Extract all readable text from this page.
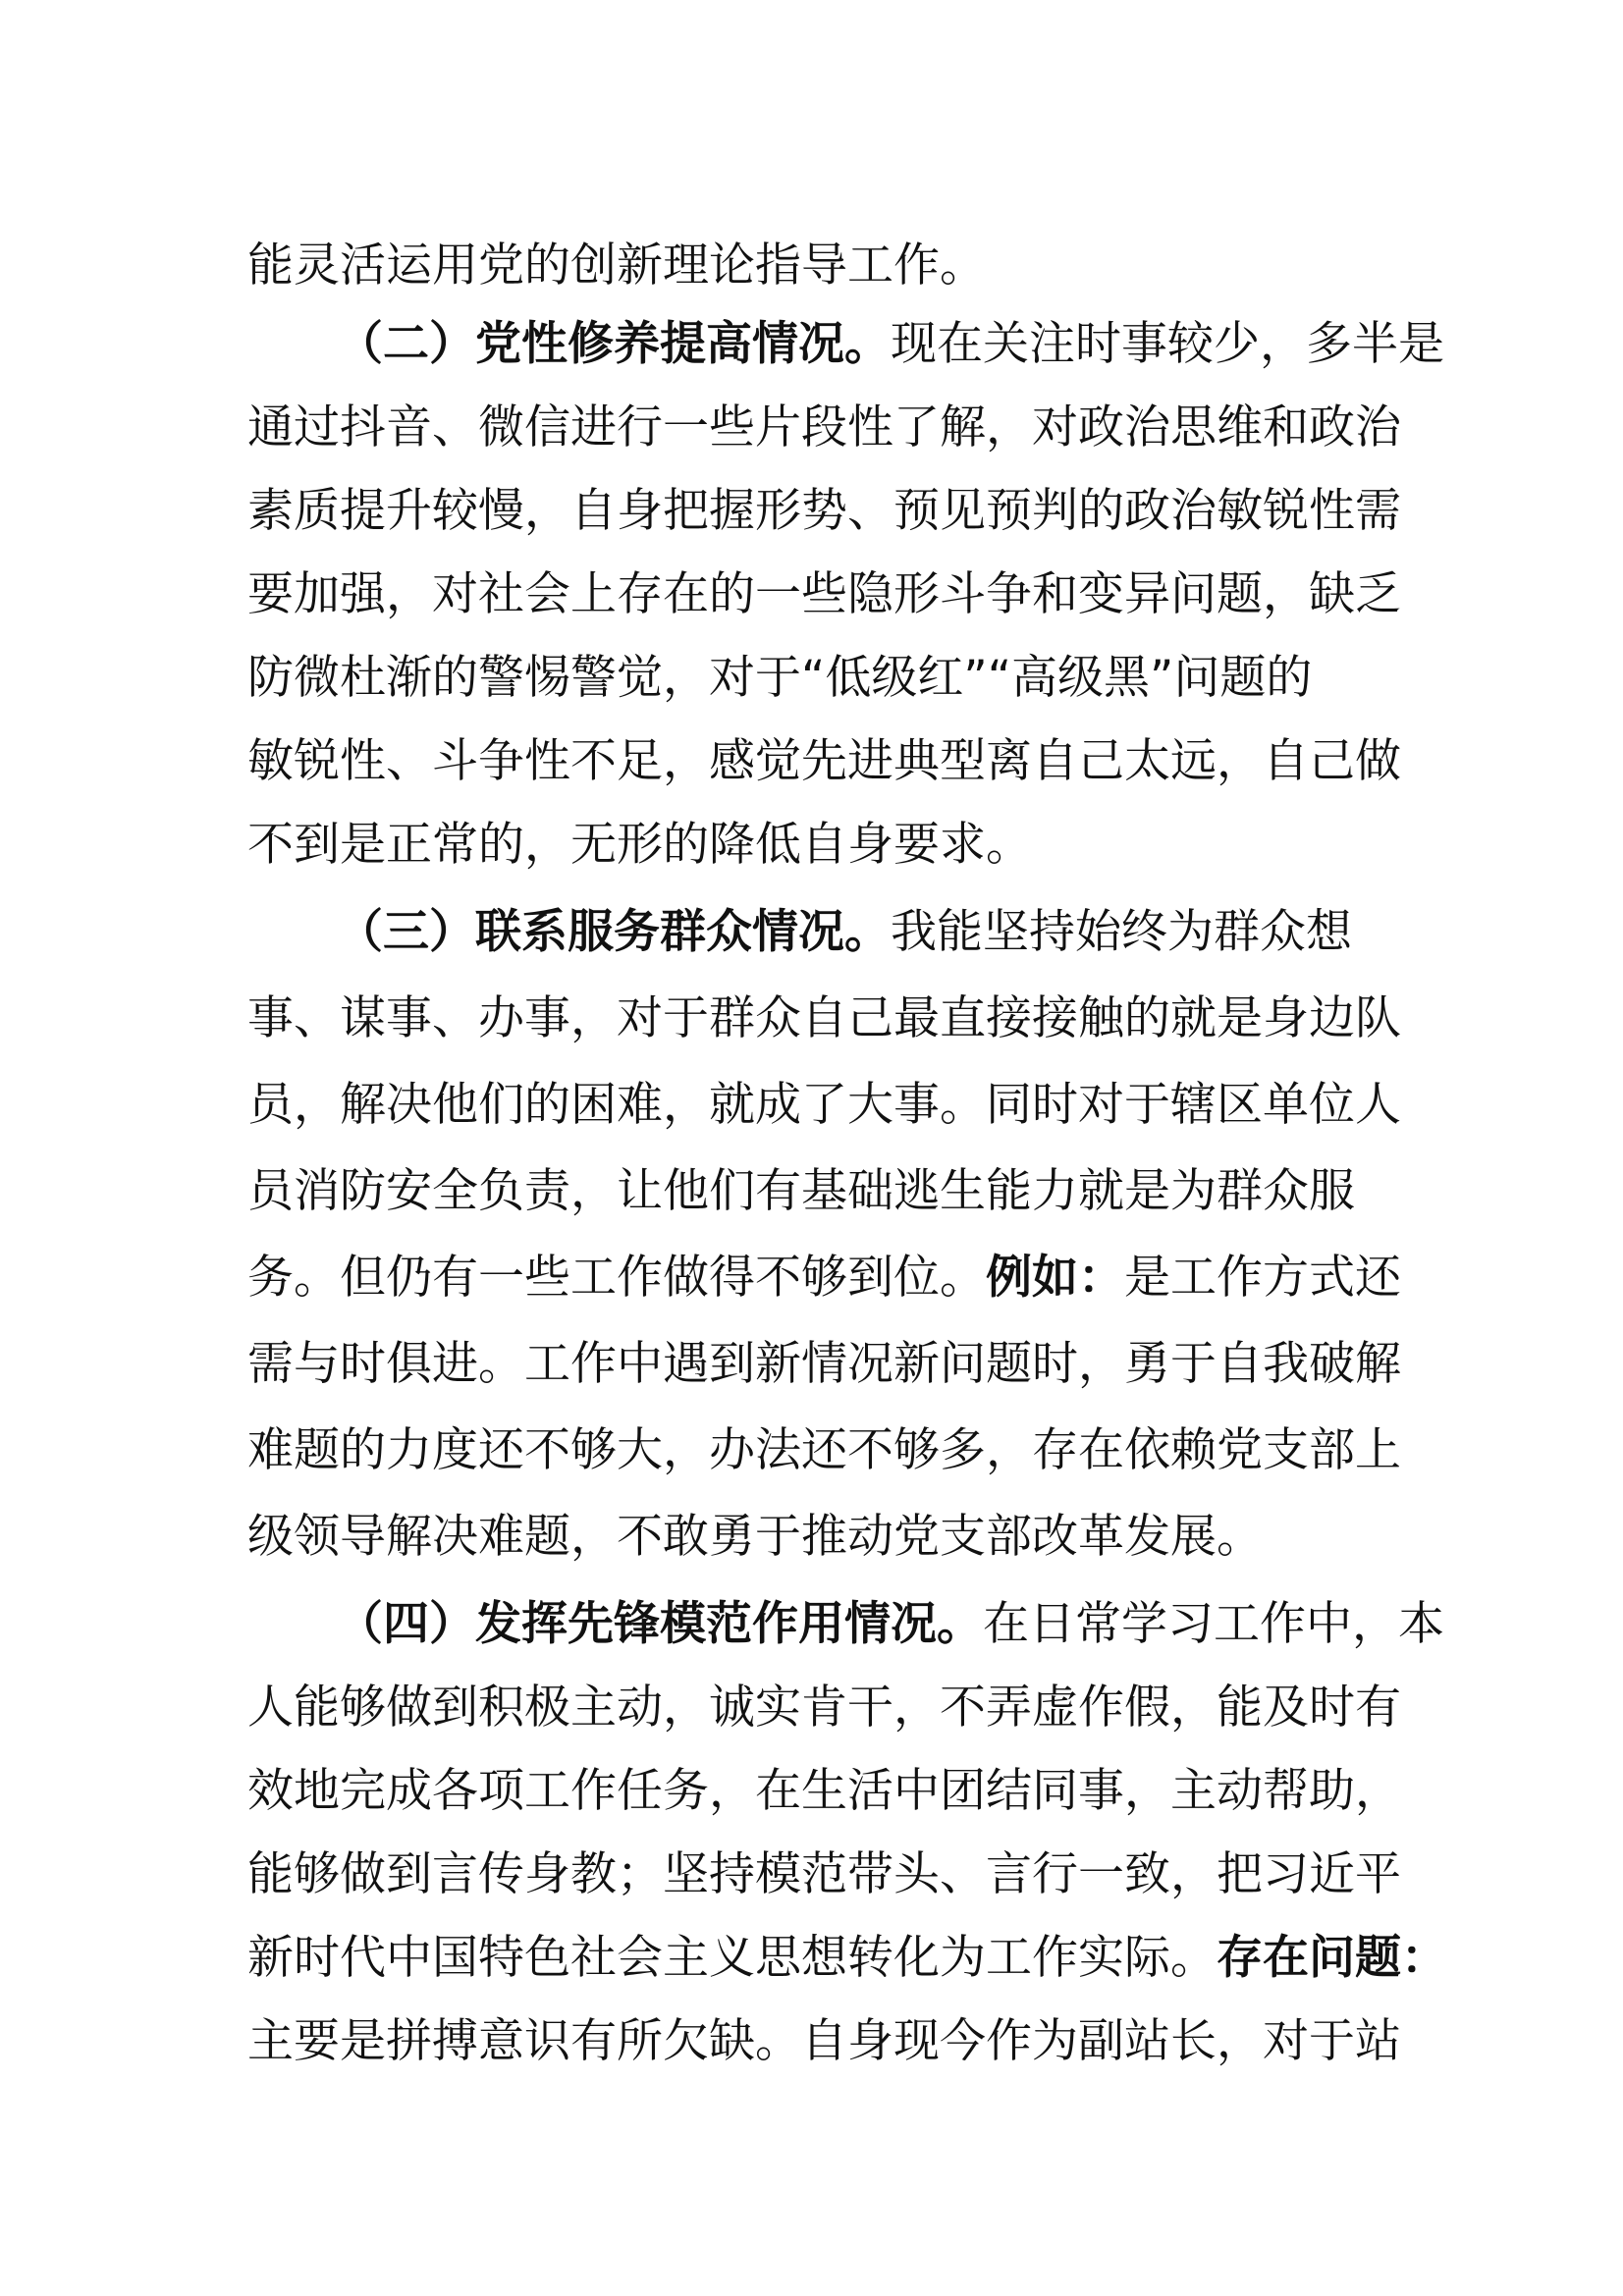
能灵活运用党的创新理论指导工作。
（二）党性修养提高情况。现在关注时事较少，多半是
通过抖音、微信进行一些片段性了解，对政治思维和政治
素质提升较慢，自身把握形势、预见预判的政治敏锐性需
要加强，对社会上存在的一些隐形斗争和变异问题，缺乏
防微杜渐的警惕警觉，对于“低级红”“高级黑”问题的
敏锐性、斗争性不足，感觉先进典型离自己太远，自己做
不到是正常的，无形的降低自身要求。
（三）联系服务群众情况。我能坚持始终为群众想
事、谋事、办事，对于群众自己最直接接触的就是身边队
员，解决他们的困难，就成了大事。同时对于辖区单位人
员消防安全负责，让他们有基础逃生能力就是为群众服
务。但仍有一些工作做得不够到位。例如：是工作方式还
需与时俱进。工作中遇到新情况新问题时，勇于自我破解
难题的力度还不够大，办法还不够多，存在依赖党支部上
级领导解决难题，不敢勇于推动党支部改革发展。
（四）发挥先锋模范作用情况。在日常学习工作中，本
人能够做到积极主动，诚实肯干，不弄虚作假，能及时有
效地完成各项工作任务，在生活中团结同事，主动帮助，
能够做到言传身教；坚持模范带头、言行一致，把习近平
新时代中国特色社会主义思想转化为工作实际。存在问题：
主要是拼搏意识有所欠缺。自身现今作为副站长，对于站
